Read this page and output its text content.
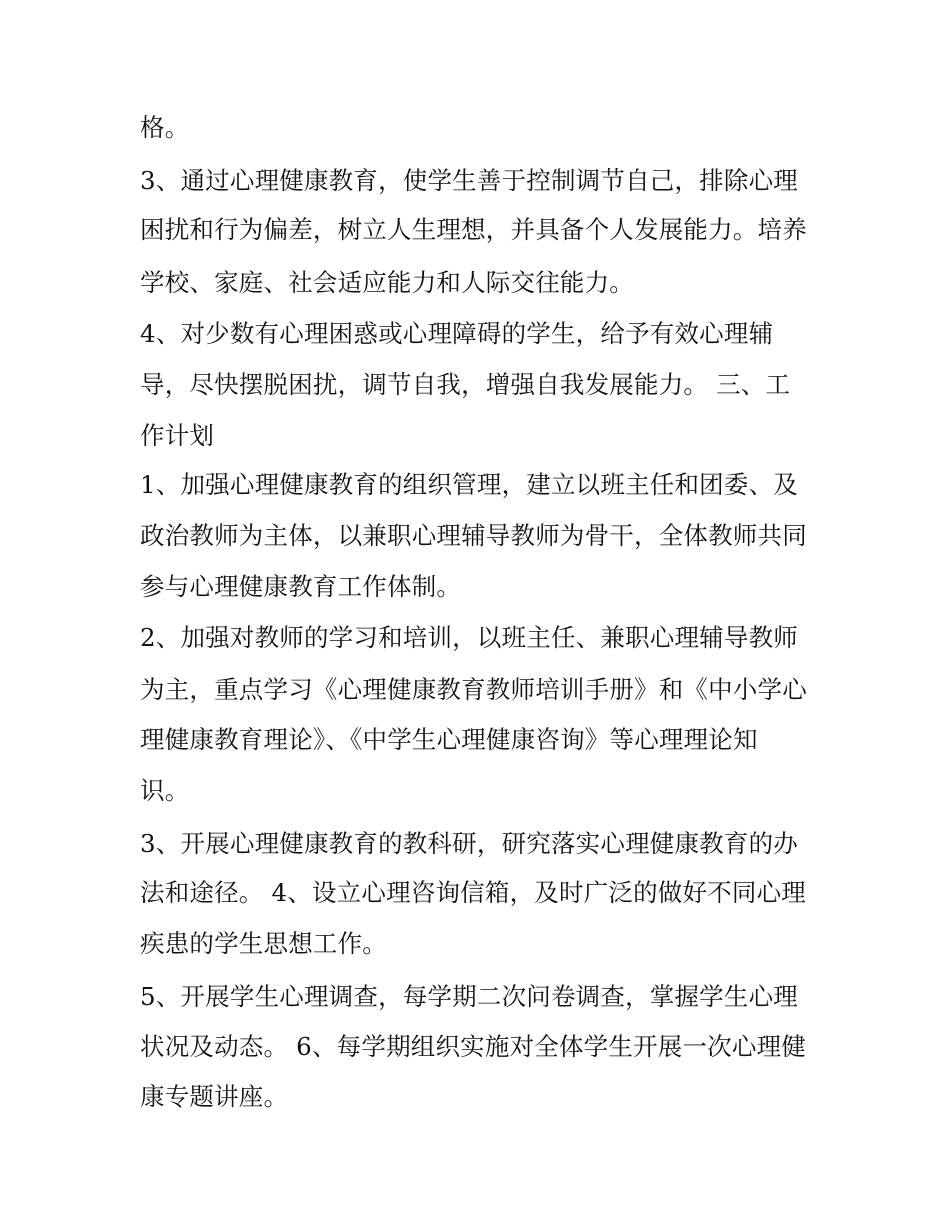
格。
3、通过心理健康教育，使学生善于控制调节自己，排除心理
困扰和行为偏差，树立人生理想，并具备个人发展能力。培养
学校、家庭、社会适应能力和人际交往能力。
4、对少数有心理困惑或心理障碍的学生，给予有效心理辅
导，尽快摆脱困扰，调节自我，增强自我发展能力。 三、工
作计划
1、加强心理健康教育的组织管理，建立以班主任和团委、及
政治教师为主体，以兼职心理辅导教师为骨干，全体教师共同
参与心理健康教育工作体制。
2、加强对教师的学习和培训，以班主任、兼职心理辅导教师
为主，重点学习《心理健康教育教师培训手册》和《中小学心
理健康教育理论》、《中学生心理健康咨询》等心理理论知
识。
3、开展心理健康教育的教科研，研究落实心理健康教育的办
法和途径。 4、设立心理咨询信箱，及时广泛的做好不同心理
疾患的学生思想工作。
5、开展学生心理调查，每学期二次问卷调查，掌握学生心理
状况及动态。 6、每学期组织实施对全体学生开展一次心理健
康专题讲座。
